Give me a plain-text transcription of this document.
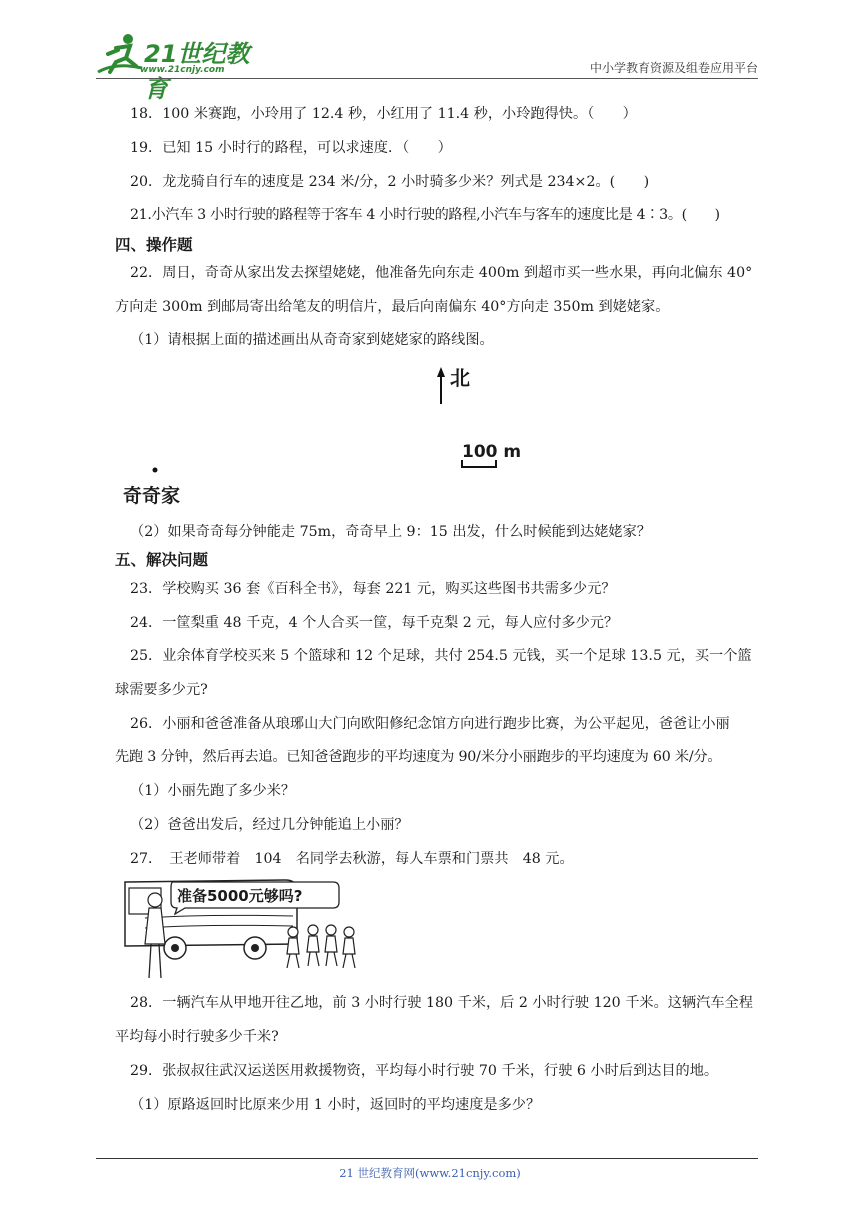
21世纪教育
www.21cnjy.com	中小学教育资源及组卷应用平台
18．100 米赛跑，小玲用了 12.4 秒，小红用了 11.4 秒，小玲跑得快。（　　）
19．已知 15 小时行的路程，可以求速度．（　　）
20．龙龙骑自行车的速度是 234 米/分，2 小时骑多少米？列式是 234×2。(　　)
21.小汽车 3 小时行驶的路程等于客车 4 小时行驶的路程,小汽车与客车的速度比是 4∶3。(　　)
四、操作题
22．周日，奇奇从家出发去探望姥姥，他准备先向东走 400m 到超市买一些水果，再向北偏东 40°
方向走 300m 到邮局寄出给笔友的明信片，最后向南偏东 40°方向走 350m 到姥姥家。
（1）请根据上面的描述画出从奇奇家到姥姥家的路线图。
北
100 m
奇奇家
（2）如果奇奇每分钟能走 75m，奇奇早上 9：15 出发，什么时候能到达姥姥家？
五、解决问题
23．学校购买 36 套《百科全书》，每套 221 元，购买这些图书共需多少元？
24．一筐梨重 48 千克，4 个人合买一筐，每千克梨 2 元，每人应付多少元？
25．业余体育学校买来 5 个篮球和 12 个足球，共付 254.5 元钱，买一个足球 13.5 元，买一个篮
球需要多少元?
26．小丽和爸爸准备从琅琊山大门向欧阳修纪念馆方向进行跑步比赛，为公平起见，爸爸让小丽
先跑 3 分钟，然后再去追。已知爸爸跑步的平均速度为 90/米分小丽跑步的平均速度为 60 米/分。
（1）小丽先跑了多少米？
（2）爸爸出发后，经过几分钟能追上小丽？
27．　王老师带着　104　名同学去秋游，每人车票和门票共　48 元。
准备5000元够吗?
28．一辆汽车从甲地开往乙地，前 3 小时行驶 180 千米，后 2 小时行驶 120 千米。这辆汽车全程
平均每小时行驶多少千米?
29．张叔叔往武汉运送医用救援物资，平均每小时行驶 70 千米，行驶 6 小时后到达目的地。
（1）原路返回时比原来少用 1 小时，返回时的平均速度是多少？
21 世纪教育网(www.21cnjy.com)
